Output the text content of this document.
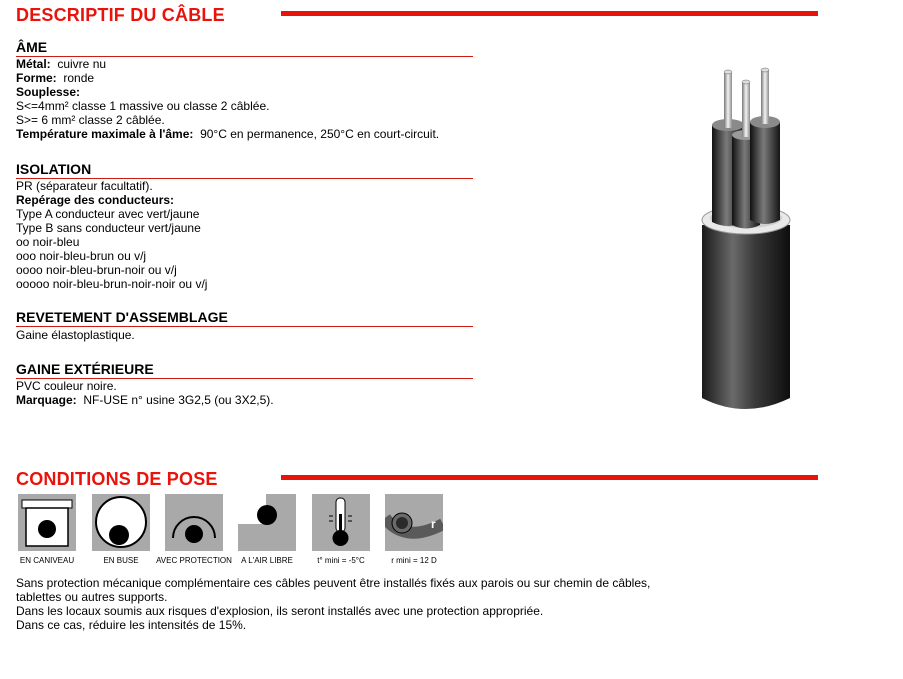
DESCRIPTIF DU CÂBLE
ÂME
Métal: cuivre nu
Forme: ronde
Souplesse:
S<=4mm² classe 1 massive ou classe 2 câblée.
S>= 6 mm² classe 2 câblée.
Température maximale à l'âme: 90°C en permanence, 250°C en court-circuit.
ISOLATION
PR (séparateur facultatif).
Repérage des conducteurs:
Type A conducteur avec vert/jaune
Type B sans conducteur vert/jaune
oo noir-bleu
ooo noir-bleu-brun ou v/j
oooo noir-bleu-brun-noir ou v/j
ooooo noir-bleu-brun-noir-noir ou v/j
REVETEMENT D'ASSEMBLAGE
Gaine élastoplastique.
GAINE EXTÉRIEURE
PVC couleur noire.
Marquage: NF-USE n° usine 3G2,5 (ou 3X2,5).
CONDITIONS DE POSE
EN CANIVEAU	EN BUSE	AVEC PROTECTION	A L'AIR LIBRE	t° mini = -5°C
r
r mini = 12 D
Sans protection mécanique complémentaire ces câbles peuvent être installés fixés aux parois ou sur chemin de câbles,
tablettes ou autres supports.
Dans les locaux soumis aux risques d'explosion, ils seront installés avec une protection appropriée.
Dans ce cas, réduire les intensités de 15%.
